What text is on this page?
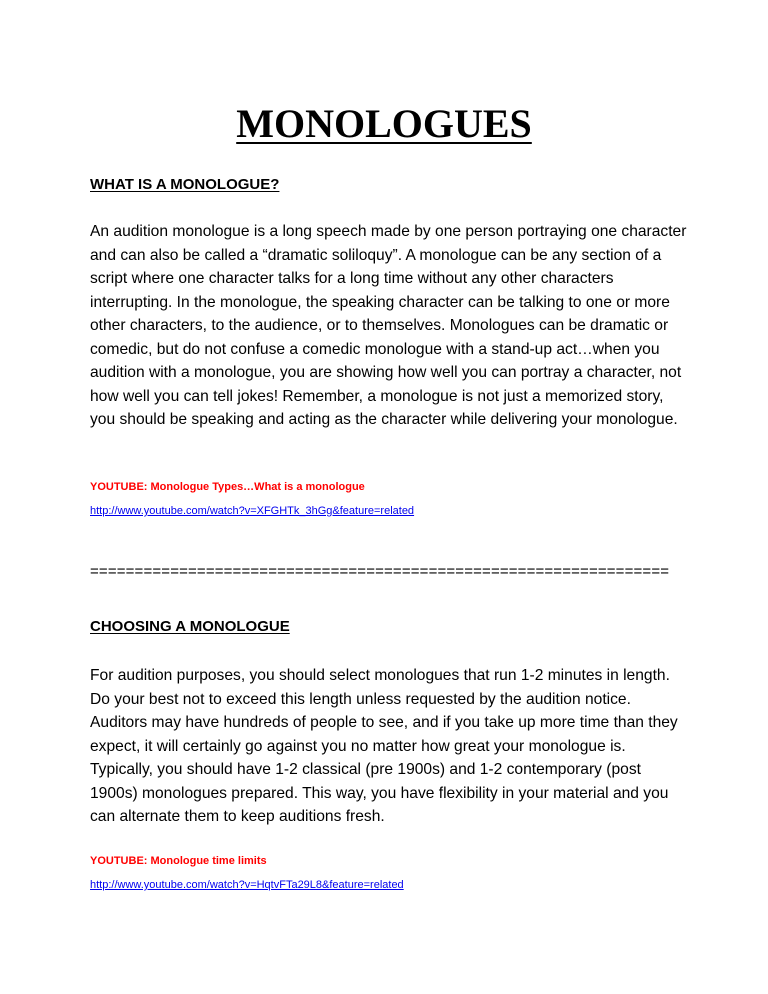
MONOLOGUES
WHAT IS A MONOLOGUE?
An audition monologue is a long speech made by one person portraying one character and can also be called a “dramatic soliloquy”. A monologue can be any section of a script where one character talks for a long time without any other characters interrupting. In the monologue, the speaking character can be talking to one or more other characters, to the audience, or to themselves. Monologues can be dramatic or comedic, but do not confuse a comedic monologue with a stand-up act…when you audition with a monologue, you are showing how well you can portray a character, not how well you can tell jokes! Remember, a monologue is not just a memorized story, you should be speaking and acting as the character while delivering your monologue.
YOUTUBE: Monologue Types…What is a monologue
http://www.youtube.com/watch?v=XFGHTk_3hGg&feature=related
=================================================================
CHOOSING A MONOLOGUE
For audition purposes, you should select monologues that run 1-2 minutes in length. Do your best not to exceed this length unless requested by the audition notice. Auditors may have hundreds of people to see, and if you take up more time than they expect, it will certainly go against you no matter how great your monologue is. Typically, you should have 1-2 classical (pre 1900s) and 1-2 contemporary (post 1900s) monologues prepared. This way, you have flexibility in your material and you can alternate them to keep auditions fresh.
YOUTUBE: Monologue time limits
http://www.youtube.com/watch?v=HqtvFTa29L8&feature=related
